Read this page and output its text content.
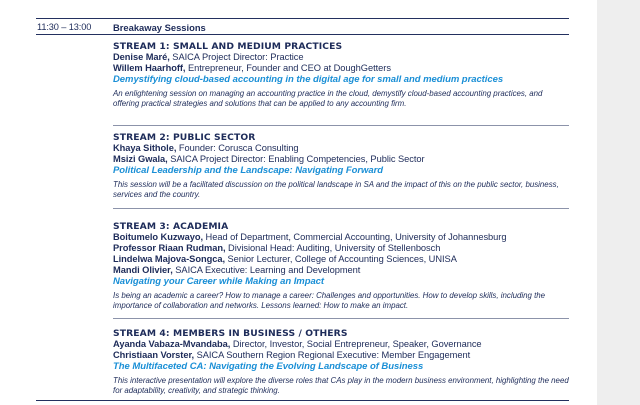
11:30 – 13:00 Breakaway Sessions
STREAM 1: SMALL AND MEDIUM PRACTICES
Denise Maré, SAICA Project Director: Practice
Willem Haarhoff, Entrepreneur, Founder and CEO at DoughGetters
Demystifying cloud-based accounting in the digital age for small and medium practices
An enlightening session on managing an accounting practice in the cloud, demystify cloud-based accounting practices, and offering practical strategies and solutions that can be applied to any accounting firm.
STREAM 2: PUBLIC SECTOR
Khaya Sithole, Founder: Corusca Consulting
Msizi Gwala, SAICA Project Director: Enabling Competencies, Public Sector
Political Leadership and the Landscape: Navigating Forward
This session will be a facilitated discussion on the political landscape in SA and the impact of this on the public sector, business, services and the country.
STREAM 3: ACADEMIA
Boitumelo Kuzwayo, Head of Department, Commercial Accounting, University of Johannesburg
Professor Riaan Rudman, Divisional Head: Auditing, University of Stellenbosch
Lindelwa Majova-Songca, Senior Lecturer, College of Accounting Sciences, UNISA
Mandi Olivier, SAICA Executive: Learning and Development
Navigating your Career while Making an Impact
Is being an academic a career? How to manage a career: Challenges and opportunities. How to develop skills, including the importance of collaboration and networks. Lessons learned: How to make an impact.
STREAM 4: MEMBERS IN BUSINESS / OTHERS
Ayanda Vabaza-Mvandaba, Director, Investor, Social Entrepreneur, Speaker, Governance
Christiaan Vorster, SAICA Southern Region Regional Executive: Member Engagement
The Multifaceted CA: Navigating the Evolving Landscape of Business
This interactive presentation will explore the diverse roles that CAs play in the modern business environment, highlighting the need for adaptability, creativity, and strategic thinking.
